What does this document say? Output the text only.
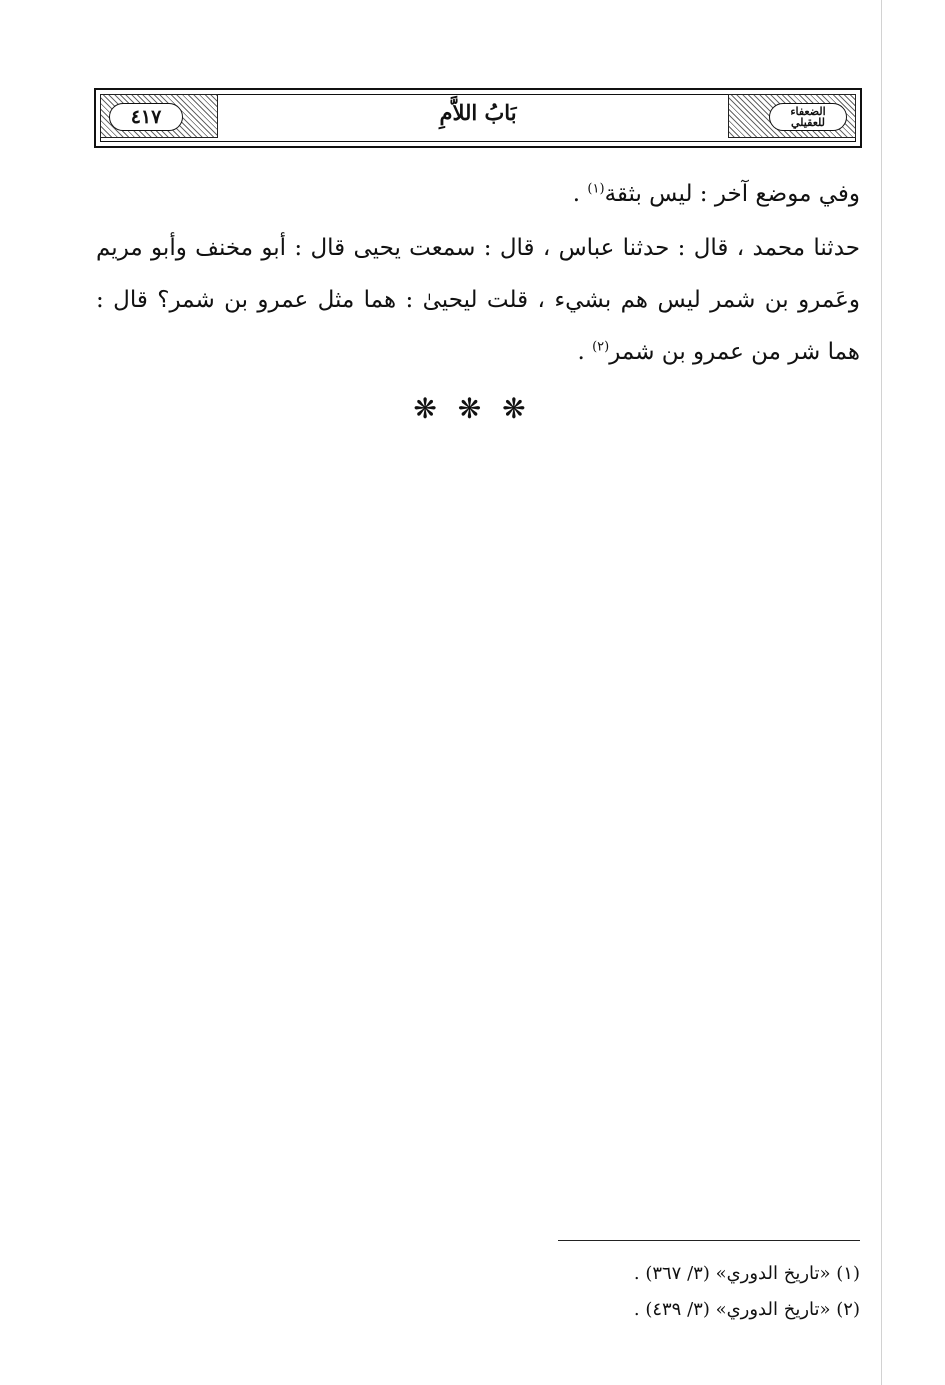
٤١٧	بَابُ اللاَّمِ	الضعفاء للعقيلي
وفي موضع آخر : ليس بثقة$^{(١)}$ .
حدثنا محمد ، قال : حدثنا عباس ، قال : سمعت يحيى قال : أبو مخنف وأبو مريم وعَمرو بن شمر ليس هم بشيء ، قلت ليحيىٰ : هما مثل عمرو بن شمر؟ قال : هما شر من عمرو بن شمر$^{(٢)}$ .
❋ ❋ ❋
(١) «تاريخ الدوري» (٣/ ٣٦٧) .
(٢) «تاريخ الدوري» (٣/ ٤٣٩) .
